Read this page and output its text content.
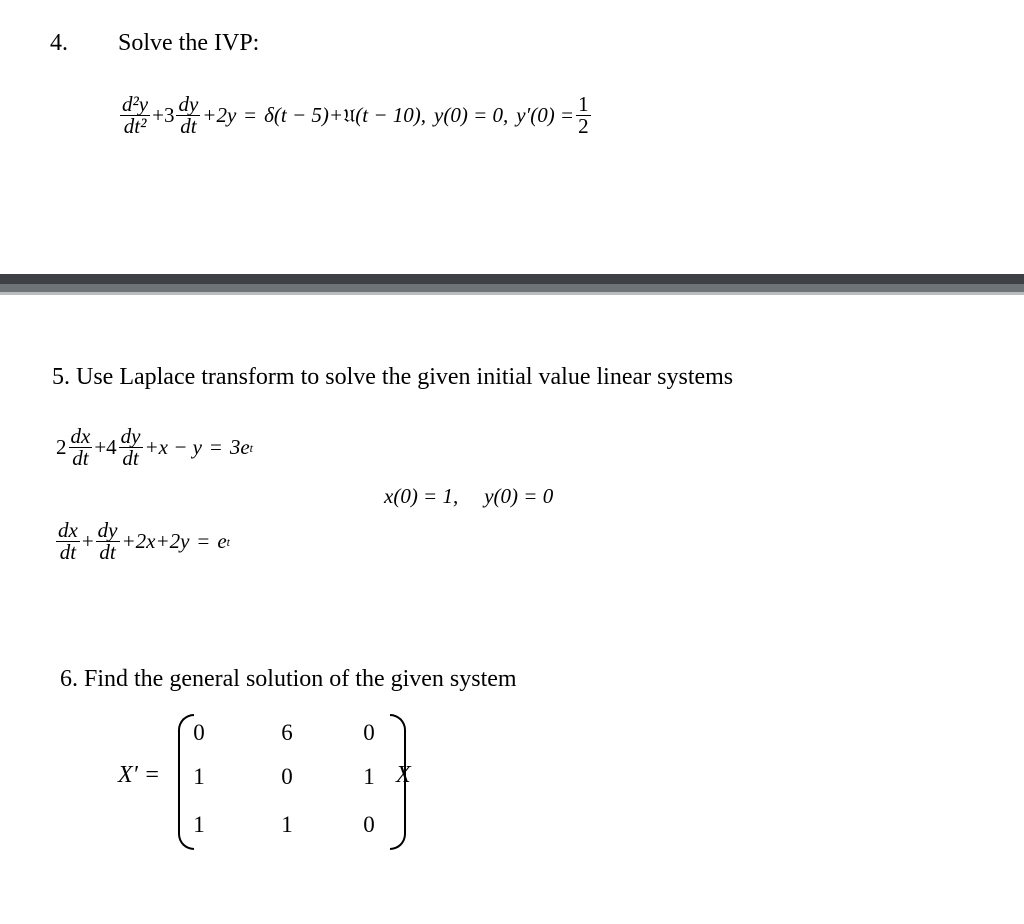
4. Solve the IVP:
$\frac{\text{d²y}}{\text{dt²}} +3 \frac{dy}{dt} +2y = \delta(t - 5)+$ 𝔘 (t − 10), y(0) = 0, $y'(0) = \frac{1}{2}$
5. Use Laplace transform to solve the given initial value linear systems
$2 \frac{dx}{dt} +4 \frac{dy}{dt} +x - y = 3e$ t
x(0) = 1, y(0) = 0
$\frac{dx}{dt} + \frac{dy}{dt} +2x+2y = e$ t
6. Find the general solution of the given system
X′ =
0	6	0
1	0	1
1	1	0
X
